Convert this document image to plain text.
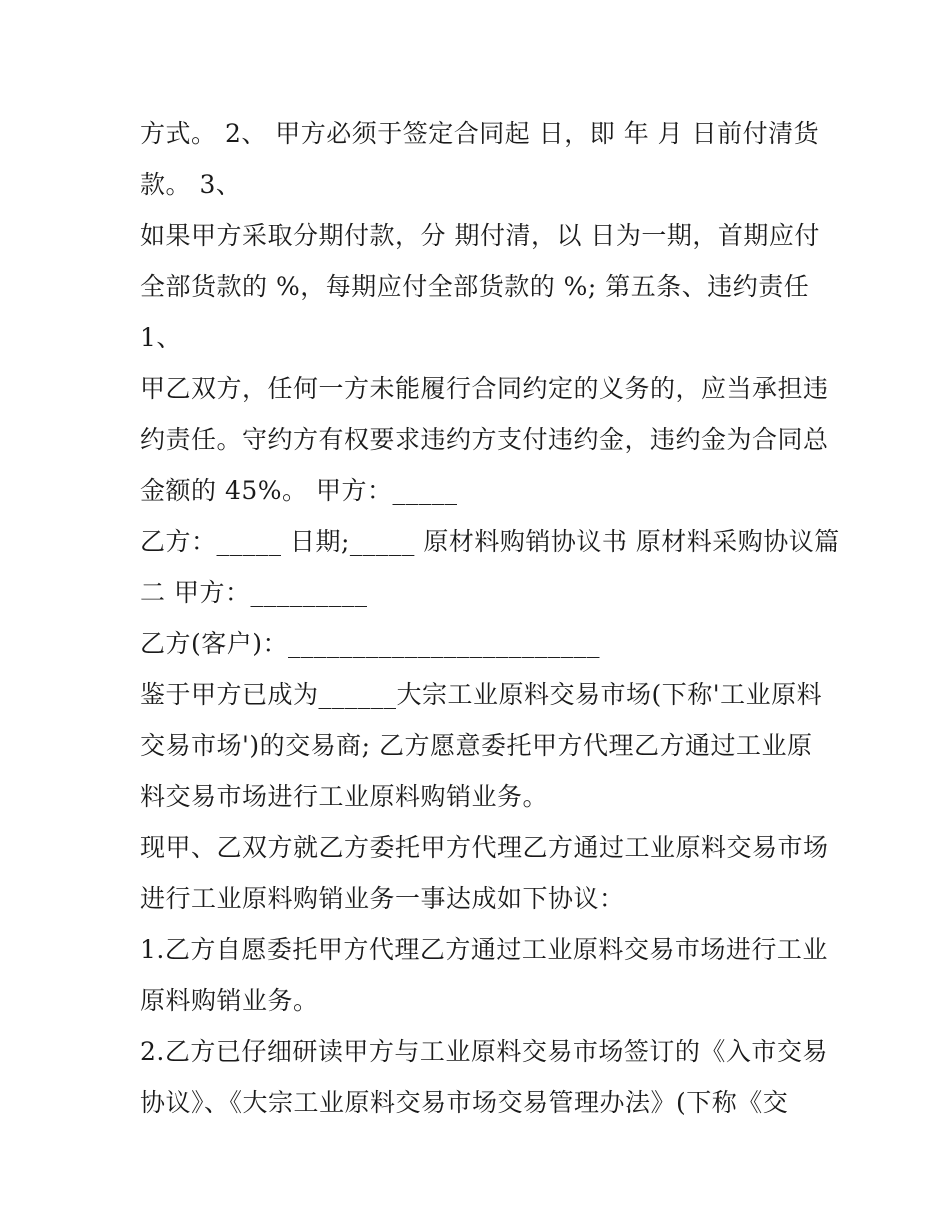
方式。 2、 甲方必须于签定合同起 日，即 年 月 日前付清货
款。 3、
如果甲方采取分期付款，分 期付清，以 日为一期，首期应付
全部货款的 %，每期应付全部货款的 %; 第五条、违约责任
1、
甲乙双方，任何一方未能履行合同约定的义务的，应当承担违
约责任。守约方有权要求违约方支付违约金，违约金为合同总
金额的 45%。 甲方：_____
乙方：_____ 日期;_____ 原材料购销协议书 原材料采购协议篇
二 甲方：_________
乙方(客户)：________________________
鉴于甲方已成为______大宗工业原料交易市场(下称'工业原料
交易市场')的交易商; 乙方愿意委托甲方代理乙方通过工业原
料交易市场进行工业原料购销业务。
现甲、乙双方就乙方委托甲方代理乙方通过工业原料交易市场
进行工业原料购销业务一事达成如下协议：
1.乙方自愿委托甲方代理乙方通过工业原料交易市场进行工业
原料购销业务。
2.乙方已仔细研读甲方与工业原料交易市场签订的《入市交易
协议》、《大宗工业原料交易市场交易管理办法》(下称《交
